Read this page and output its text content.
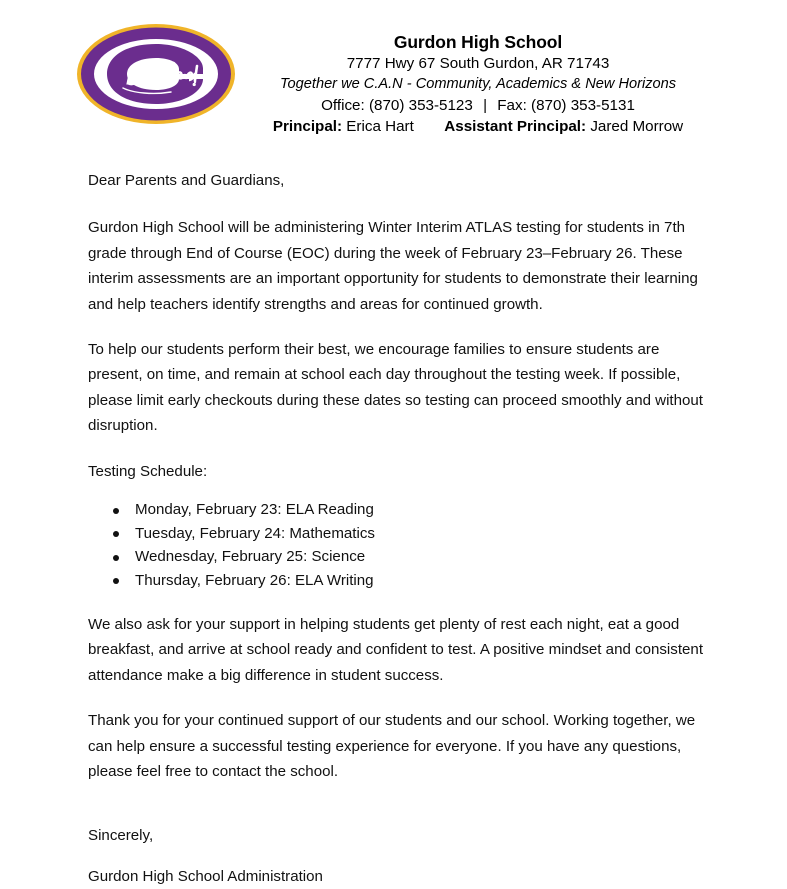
Gurdon High School
7777 Hwy 67 South Gurdon, AR 71743
Together we C.A.N - Community, Academics & New Horizons
Office: (870) 353-5123 | Fax: (870) 353-5131
Principal: Erica Hart Assistant Principal: Jared Morrow

Dear Parents and Guardians,

Gurdon High School will be administering Winter Interim ATLAS testing for students in 7th grade through End of Course (EOC) during the week of February 23–February 26. These interim assessments are an important opportunity for students to demonstrate their learning and help teachers identify strengths and areas for continued growth.

To help our students perform their best, we encourage families to ensure students are present, on time, and remain at school each day throughout the testing week. If possible, please limit early checkouts during these dates so testing can proceed smoothly and without disruption.

Testing Schedule:

Monday, February 23: ELA Reading
Tuesday, February 24: Mathematics
Wednesday, February 25: Science
Thursday, February 26: ELA Writing

We also ask for your support in helping students get plenty of rest each night, eat a good breakfast, and arrive at school ready and confident to test. A positive mindset and consistent attendance make a big difference in student success.

Thank you for your continued support of our students and our school. Working together, we can help ensure a successful testing experience for everyone. If you have any questions, please feel free to contact the school.

Sincerely,

Gurdon High School Administration
